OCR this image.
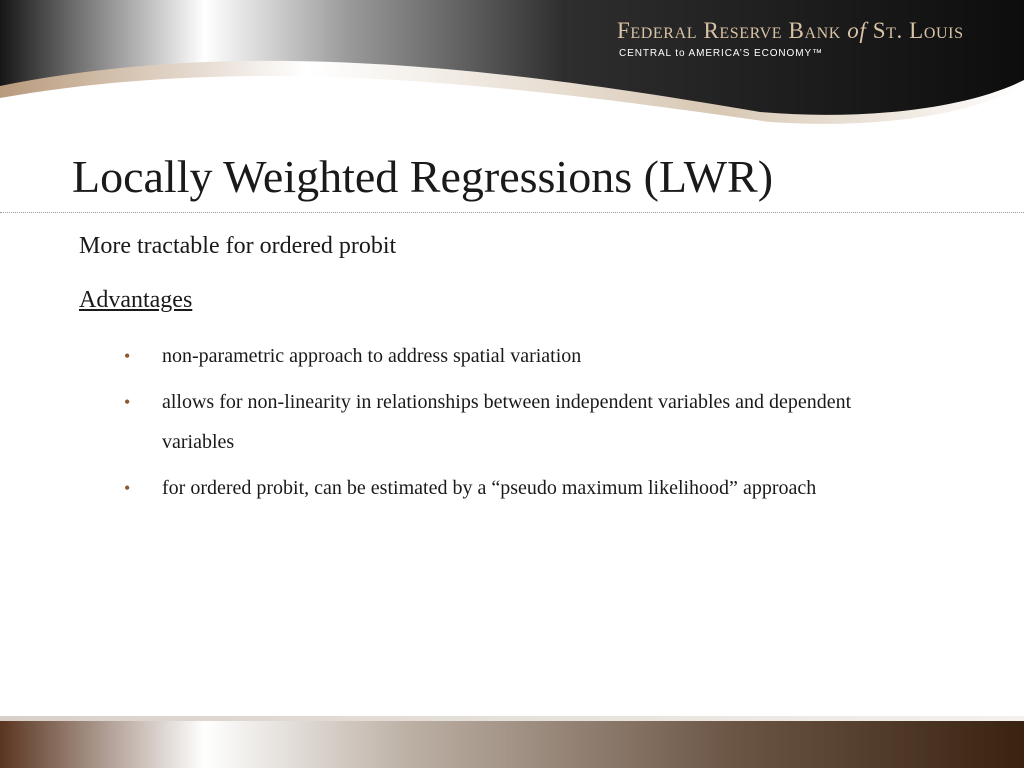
Federal Reserve Bank of St. Louis
CENTRAL to AMERICA’S ECONOMY™
Locally Weighted Regressions (LWR)
More tractable for ordered probit
Advantages
• non-parametric approach to address spatial variation
• allows for non-linearity in relationships between independent variables and dependent variables
• for ordered probit, can be estimated by a “pseudo maximum likelihood” approach
